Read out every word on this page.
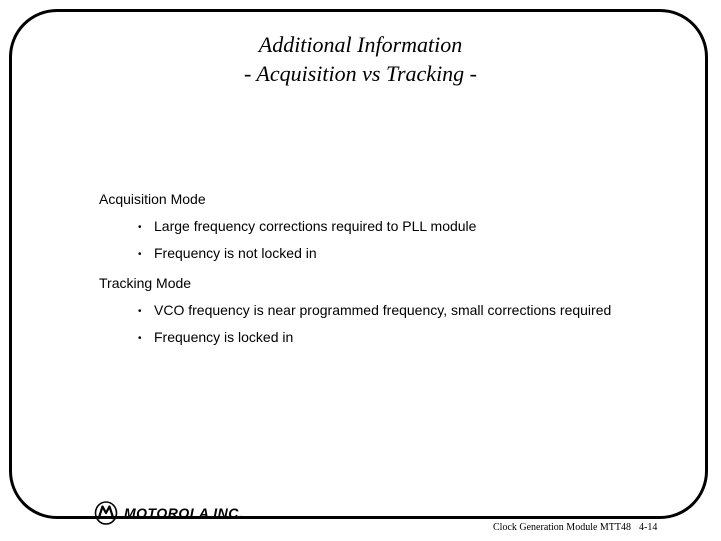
Additional Information
- Acquisition vs Tracking -
Acquisition Mode
• Large frequency corrections required to PLL module
• Frequency is not locked in
Tracking Mode
• VCO frequency is near programmed frequency, small corrections required
• Frequency is locked in
MOTOROLA INC.
Clock Generation Module MTT48 4-14
